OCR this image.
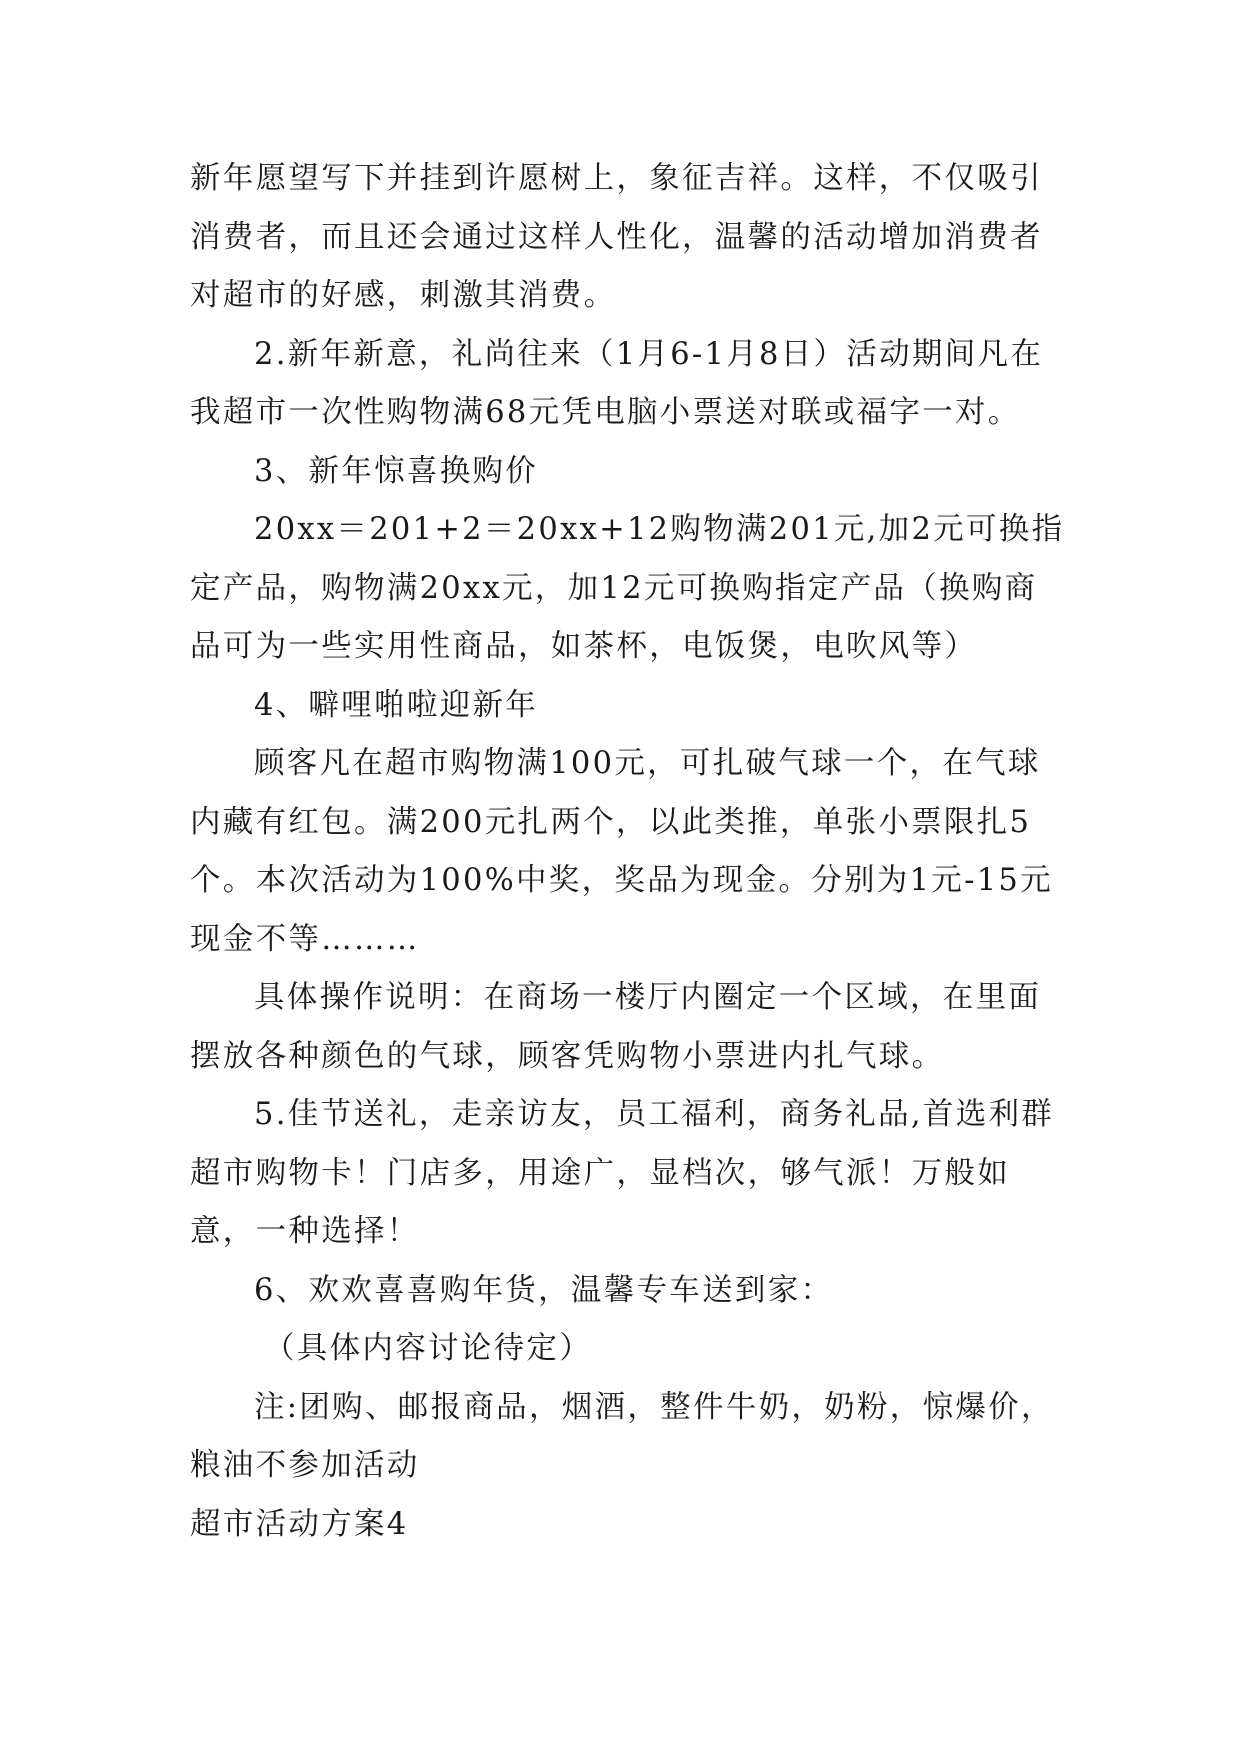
新年愿望写下并挂到许愿树上，象征吉祥。这样，不仅吸引消费者，而且还会通过这样人性化，温馨的活动增加消费者对超市的好感，刺激其消费。

2.新年新意，礼尚往来（1月6-1月8日）活动期间凡在我超市一次性购物满68元凭电脑小票送对联或福字一对。

3、新年惊喜换购价

20xx＝201+2＝20xx+12购物满201元,加2元可换指定产品，购物满20xx元，加12元可换购指定产品（换购商品可为一些实用性商品，如茶杯，电饭煲，电吹风等）

4、噼哩啪啦迎新年

顾客凡在超市购物满100元，可扎破气球一个，在气球内藏有红包。满200元扎两个，以此类推，单张小票限扎5个。本次活动为100%中奖，奖品为现金。分别为1元-15元现金不等………

具体操作说明：在商场一楼厅内圈定一个区域，在里面摆放各种颜色的气球，顾客凭购物小票进内扎气球。

5.佳节送礼，走亲访友，员工福利，商务礼品,首选利群超市购物卡！门店多，用途广，显档次，够气派！万般如意，一种选择！

6、欢欢喜喜购年货，温馨专车送到家：

（具体内容讨论待定）

注:团购、邮报商品，烟酒，整件牛奶，奶粉，惊爆价，粮油不参加活动

超市活动方案4
